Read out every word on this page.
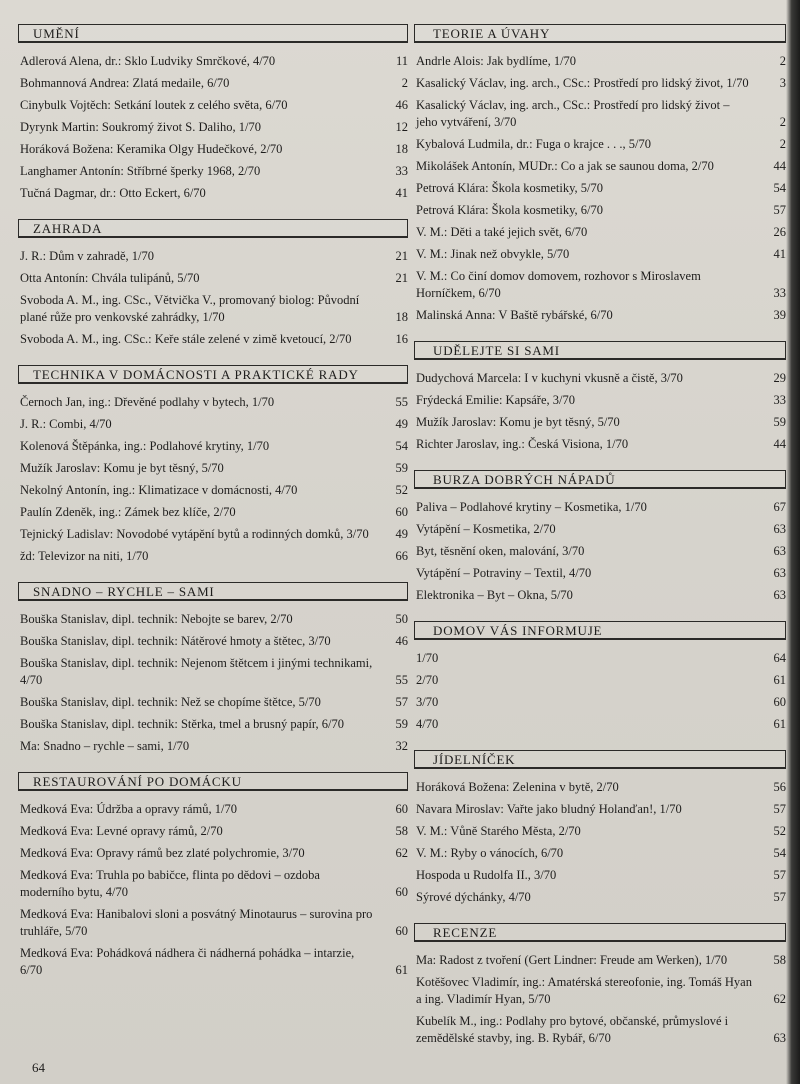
UMĚNÍ
Adlerová Alena, dr.: Sklo Ludviky Smrčkové, 4/70	11
Bohmannová Andrea: Zlatá medaile, 6/70	2
Cinybulk Vojtěch: Setkání loutek z celého světa, 6/70	46
Dyrynk Martin: Soukromý život S. Daliho, 1/70	12
Horáková Božena: Keramika Olgy Hudečkové, 2/70	18
Langhamer Antonín: Stříbrné šperky 1968, 2/70	33
Tučná Dagmar, dr.: Otto Eckert, 6/70	41
ZAHRADA
J. R.: Dům v zahradě, 1/70	21
Otta Antonín: Chvála tulipánů, 5/70	21
Svoboda A. M., ing. CSc., Větvička V., promovaný biolog: Původní plané růže pro venkovské zahrádky, 1/70	18
Svoboda A. M., ing. CSc.: Keře stále zelené v zimě kvetoucí, 2/70	16
TECHNIKA V DOMÁCNOSTI A PRAKTICKÉ RADY
Černoch Jan, ing.: Dřevěné podlahy v bytech, 1/70	55
J. R.: Combi, 4/70	49
Kolenová Štěpánka, ing.: Podlahové krytiny, 1/70	54
Mužík Jaroslav: Komu je byt těsný, 5/70	59
Nekolný Antonín, ing.: Klimatizace v domácnosti, 4/70	52
Paulín Zdeněk, ing.: Zámek bez klíče, 2/70	60
Tejnický Ladislav: Novodobé vytápění bytů a rodinných domků, 3/70	49
žd: Televizor na niti, 1/70	66
SNADNO – RYCHLE – SAMI
Bouška Stanislav, dipl. technik: Nebojte se barev, 2/70	50
Bouška Stanislav, dipl. technik: Nátěrové hmoty a štětec, 3/70	46
Bouška Stanislav, dipl. technik: Nejenom štětcem i jinými technikami, 4/70	55
Bouška Stanislav, dipl. technik: Než se chopíme štětce, 5/70	57
Bouška Stanislav, dipl. technik: Stěrka, tmel a brusný papír, 6/70	59
Ma: Snadno – rychle – sami, 1/70	32
RESTAUROVÁNÍ PO DOMÁCKU
Medková Eva: Údržba a opravy rámů, 1/70	60
Medková Eva: Levné opravy rámů, 2/70	58
Medková Eva: Opravy rámů bez zlaté polychromie, 3/70	62
Medková Eva: Truhla po babičce, flinta po dědovi – ozdoba moderního bytu, 4/70	60
Medková Eva: Hanibalovi sloni a posvátný Minotaurus – surovina pro truhláře, 5/70	60
Medková Eva: Pohádková nádhera či nádherná pohádka – intarzie, 6/70	61
TEORIE A ÚVAHY
Andrle Alois: Jak bydlíme, 1/70	2
Kasalický Václav, ing. arch., CSc.: Prostředí pro lidský život, 1/70	3
Kasalický Václav, ing. arch., CSc.: Prostředí pro lidský život – jeho vytváření, 3/70	2
Kybalová Ludmila, dr.: Fuga o krajce . . ., 5/70	2
Mikolášek Antonín, MUDr.: Co a jak se saunou doma, 2/70	44
Petrová Klára: Škola kosmetiky, 5/70	54
Petrová Klára: Škola kosmetiky, 6/70	57
V. M.: Děti a také jejich svět, 6/70	26
V. M.: Jinak než obvykle, 5/70	41
V. M.: Co činí domov domovem, rozhovor s Miroslavem Horníčkem, 6/70	33
Malinská Anna: V Baště rybářské, 6/70	39
UDĚLEJTE SI SAMI
Dudychová Marcela: I v kuchyni vkusně a čistě, 3/70	29
Frýdecká Emilie: Kapsáře, 3/70	33
Mužík Jaroslav: Komu je byt těsný, 5/70	59
Richter Jaroslav, ing.: Česká Visiona, 1/70	44
BURZA DOBRÝCH NÁPADŮ
Paliva – Podlahové krytiny – Kosmetika, 1/70	67
Vytápění – Kosmetika, 2/70	63
Byt, těsnění oken, malování, 3/70	63
Vytápění – Potraviny – Textil, 4/70	63
Elektronika – Byt – Okna, 5/70	63
DOMOV VÁS INFORMUJE
1/70	64
2/70	61
3/70	60
4/70	61
JÍDELNÍČEK
Horáková Božena: Zelenina v bytě, 2/70	56
Navara Miroslav: Vařte jako bludný Holanďan!, 1/70	57
V. M.: Vůně Starého Města, 2/70	52
V. M.: Ryby o vánocích, 6/70	54
Hospoda u Rudolfa II., 3/70	57
Sýrové dýchánky, 4/70	57
RECENZE
Ma: Radost z tvoření (Gert Lindner: Freude am Werken), 1/70	58
Kotěšovec Vladimír, ing.: Amatérská stereofonie, ing. Tomáš Hyan a ing. Vladimír Hyan, 5/70	62
Kubelík M., ing.: Podlahy pro bytové, občanské, průmyslové i zemědělské stavby, ing. B. Rybář, 6/70	63
64
